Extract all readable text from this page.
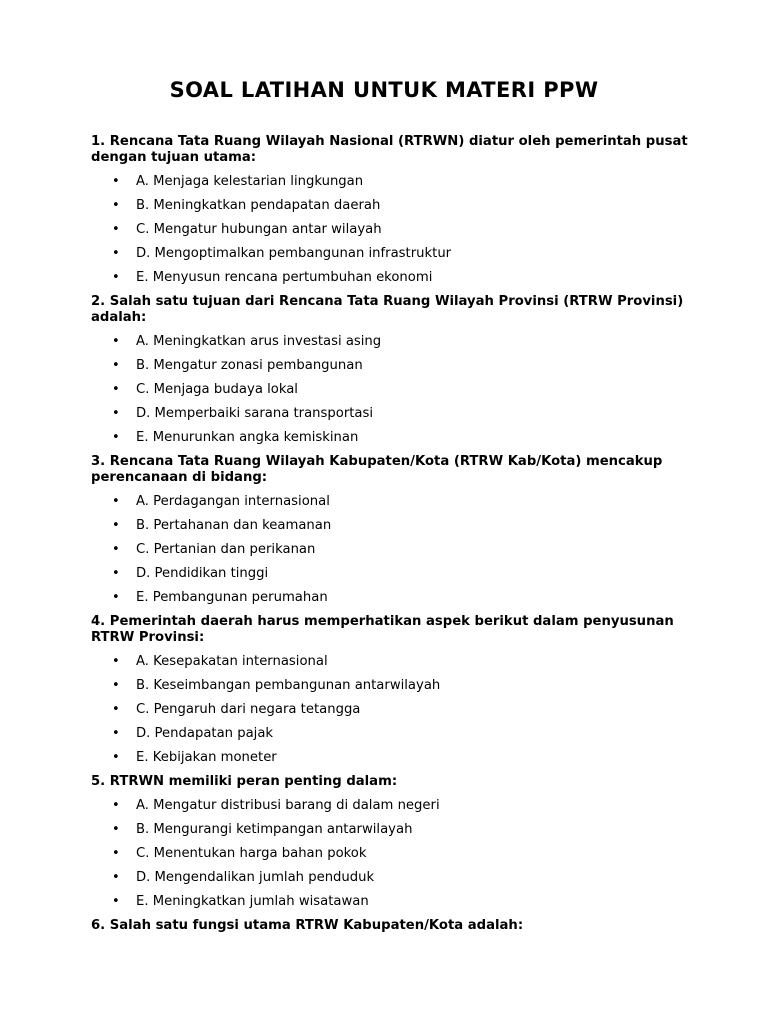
SOAL LATIHAN UNTUK MATERI PPW

1. Rencana Tata Ruang Wilayah Nasional (RTRWN) diatur oleh pemerintah pusat dengan tujuan utama:

• A. Menjaga kelestarian lingkungan
• B. Meningkatkan pendapatan daerah
• C. Mengatur hubungan antar wilayah
• D. Mengoptimalkan pembangunan infrastruktur
• E. Menyusun rencana pertumbuhan ekonomi

2. Salah satu tujuan dari Rencana Tata Ruang Wilayah Provinsi (RTRW Provinsi) adalah:

• A. Meningkatkan arus investasi asing
• B. Mengatur zonasi pembangunan
• C. Menjaga budaya lokal
• D. Memperbaiki sarana transportasi
• E. Menurunkan angka kemiskinan

3. Rencana Tata Ruang Wilayah Kabupaten/Kota (RTRW Kab/Kota) mencakup perencanaan di bidang:

• A. Perdagangan internasional
• B. Pertahanan dan keamanan
• C. Pertanian dan perikanan
• D. Pendidikan tinggi
• E. Pembangunan perumahan

4. Pemerintah daerah harus memperhatikan aspek berikut dalam penyusunan RTRW Provinsi:

• A. Kesepakatan internasional
• B. Keseimbangan pembangunan antarwilayah
• C. Pengaruh dari negara tetangga
• D. Pendapatan pajak
• E. Kebijakan moneter

5. RTRWN memiliki peran penting dalam:

• A. Mengatur distribusi barang di dalam negeri
• B. Mengurangi ketimpangan antarwilayah
• C. Menentukan harga bahan pokok
• D. Mengendalikan jumlah penduduk
• E. Meningkatkan jumlah wisatawan

6. Salah satu fungsi utama RTRW Kabupaten/Kota adalah:
